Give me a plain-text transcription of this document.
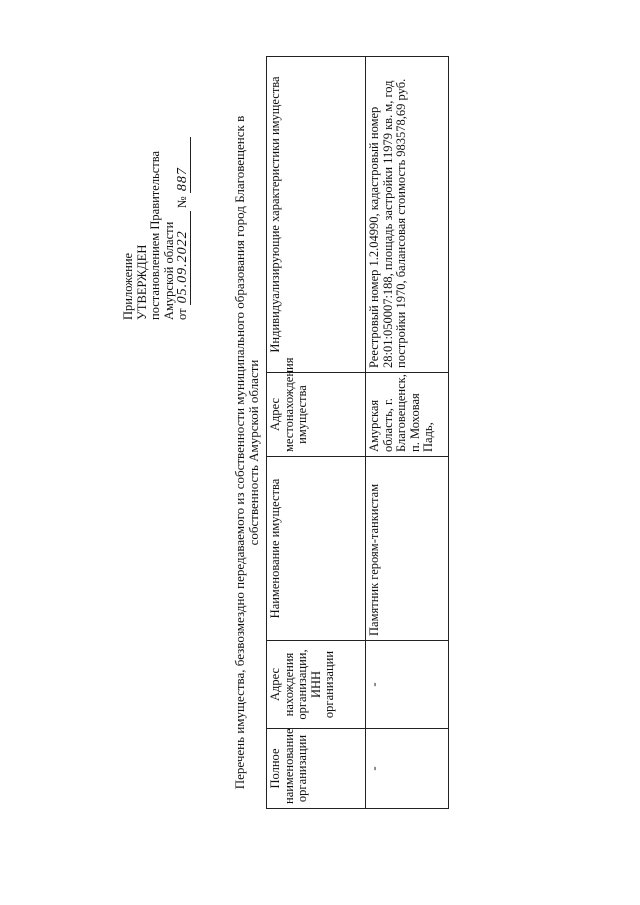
Приложение УТВЕРЖДЕН постановлением Правительства Амурской области от 05.09.2022 № 887	Перечень имущества, безвозмездно передаваемого из собственности муниципального образования город Благовещенск в собственность Амурской области
Полное наименование организации	Адрес нахождения организации, ИНН организации	Наименование имущества	Адрес местонахождения имущества	Индивидуализирующие характеристики имущества
-	-	Памятник героям-танкистам	Амурская область, г. Благовещенск, п. Моховая Падь,	Реестровый номер 1.2.04990, кадастровый номер 28:01:050007:188, площадь застройки 11979 кв. м, год постройки 1970, балансовая стоимость 983578,69 руб.
